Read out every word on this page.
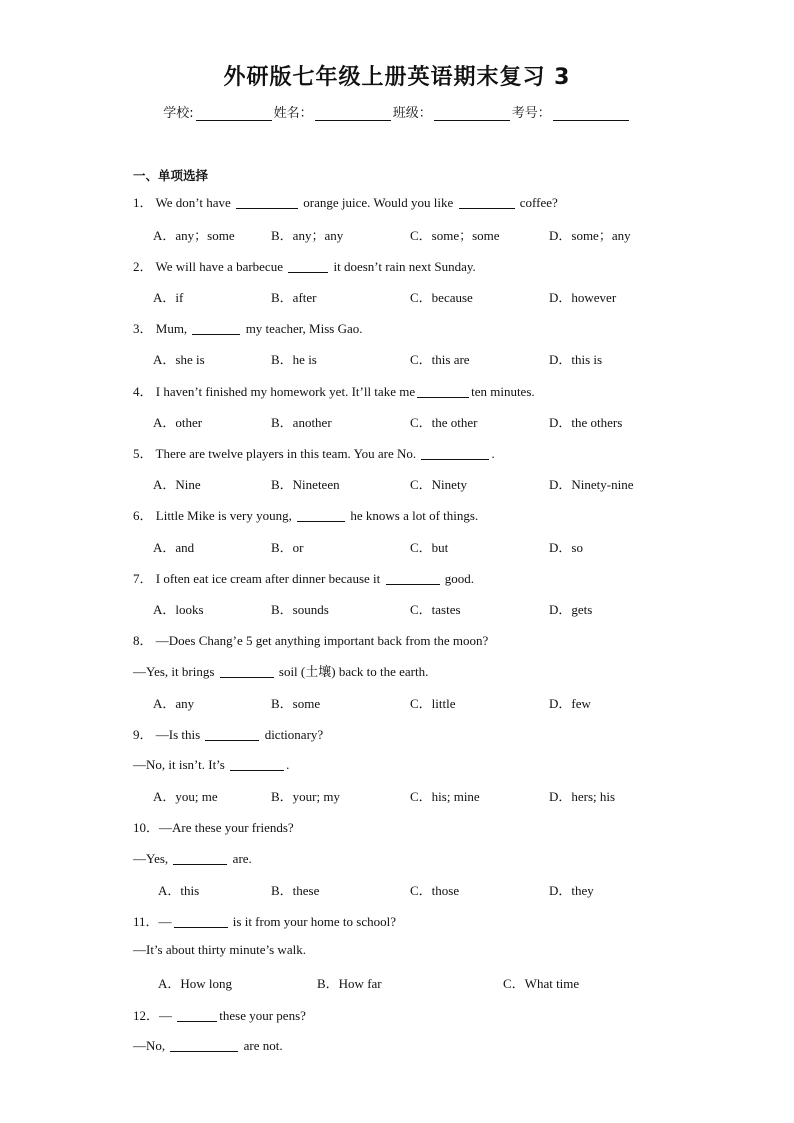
外研版七年级上册英语期末复习 3
学校:	姓名：	班级：	考号：
一、单项选择
1． We don’t have	orange juice. Would you like	coffee?
A．any；some	B．any；any	C．some；some	D．some；any
2． We will have a barbecue	it doesn’t rain next Sunday.
A．if	B．after	C．because	D．however
3． Mum,	my teacher, Miss Gao.
A．she is	B．he is	C．this are	D．this is
4． I haven’t finished my homework yet. It’ll take me	ten minutes.
A．other	B．another	C．the other	D．the others
5． There are twelve players in this team. You are No.	.
A．Nine	B．Nineteen	C．Ninety	D．Ninety-nine
6． Little Mike is very young,	he knows a lot of things.
A．and	B．or	C．but	D．so
7． I often eat ice cream after dinner because it	good.
A．looks	B．sounds	C．tastes	D．gets
8． —Does Chang’e 5 get anything important back from the moon?
—Yes, it brings	soil (土壤) back to the earth.
A．any	B．some	C．little	D．few
9． —Is this	dictionary?
—No, it isn’t. It’s	.
A．you; me	B．your; my	C．his; mine	D．hers; his
10．—Are these your friends?
—Yes,	are.
A．this	B．these	C．those	D．they
11．—	is it from your home to school?
—It’s about thirty minute’s walk.
A．How long	B．How far	C．What time
12．—	these your pens?
—No,	are not.
